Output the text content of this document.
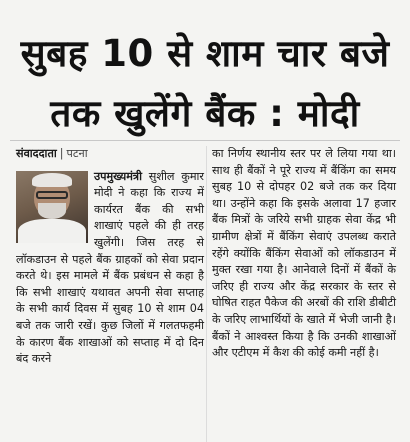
सुबह 10 से शाम चार बजे
तक खुलेंगे बैंक : मोदी
संवाददाता | पटना
उपमुख्यमंत्री सुशील कुमार मोदी ने कहा कि राज्य में कार्यरत बैंक की सभी शाखाएं पहले की ही तरह खुलेंगी। जिस तरह से लॉकडाउन से पहले बैंक ग्राहकों को सेवा प्रदान करते थे। इस मामले में बैंक प्रबंधन से कहा है कि सभी शाखाएं यथावत अपनी सेवा सप्ताह के सभी कार्य दिवस में सुबह 10 से शाम 04 बजे तक जारी रखें। कुछ जिलों में गलतफहमी के कारण बैंक शाखाओं को सप्ताह में दो दिन बंद करने
का निर्णय स्थानीय स्तर पर ले लिया गया था। साथ ही बैंकों ने पूरे राज्य में बैंकिंग का समय सुबह 10 से दोपहर 02 बजे तक कर दिया था। उन्होंने कहा कि इसके अलावा 17 हजार बैंक मित्रों के जरिये सभी ग्राहक सेवा केंद्र भी ग्रामीण क्षेत्रों में बैंकिंग सेवाएं उपलब्ध कराते रहेंगे क्योंकि बैंकिंग सेवाओं को लॉकडाउन में मुक्त रखा गया है। आनेवाले दिनों में बैंकों के जरिए ही राज्य और केंद्र सरकार के स्तर से घोषित राहत पैकेज की अरबों की राशि डीबीटी के जरिए लाभार्थियों के खाते में भेजी जानी है। बैंकों ने आश्वस्त किया है कि उनकी शाखाओं और एटीएम में कैश की कोई कमी नहीं है।
